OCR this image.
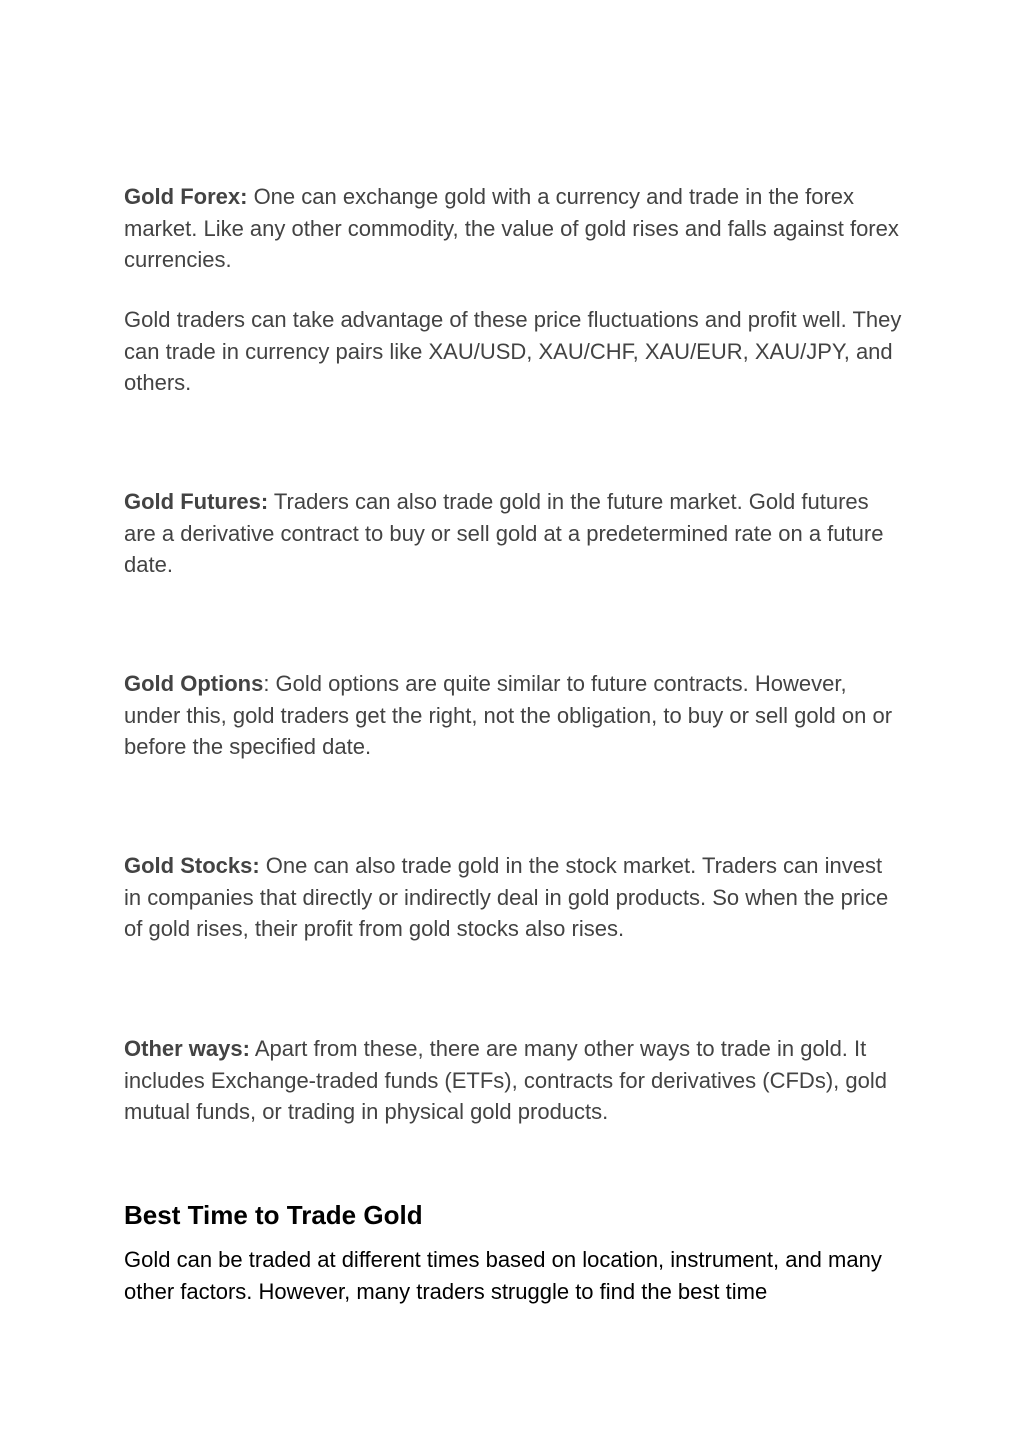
Gold Forex: One can exchange gold with a currency and trade in the forex market. Like any other commodity, the value of gold rises and falls against forex currencies.

Gold traders can take advantage of these price fluctuations and profit well. They can trade in currency pairs like XAU/USD, XAU/CHF, XAU/EUR, XAU/JPY, and others.

Gold Futures: Traders can also trade gold in the future market. Gold futures are a derivative contract to buy or sell gold at a predetermined rate on a future date.

Gold Options: Gold options are quite similar to future contracts. However, under this, gold traders get the right, not the obligation, to buy or sell gold on or before the specified date.

Gold Stocks: One can also trade gold in the stock market. Traders can invest in companies that directly or indirectly deal in gold products. So when the price of gold rises, their profit from gold stocks also rises.

Other ways: Apart from these, there are many other ways to trade in gold. It includes Exchange-traded funds (ETFs), contracts for derivatives (CFDs), gold mutual funds, or trading in physical gold products.

Best Time to Trade Gold

Gold can be traded at different times based on location, instrument, and many other factors. However, many traders struggle to find the best time
